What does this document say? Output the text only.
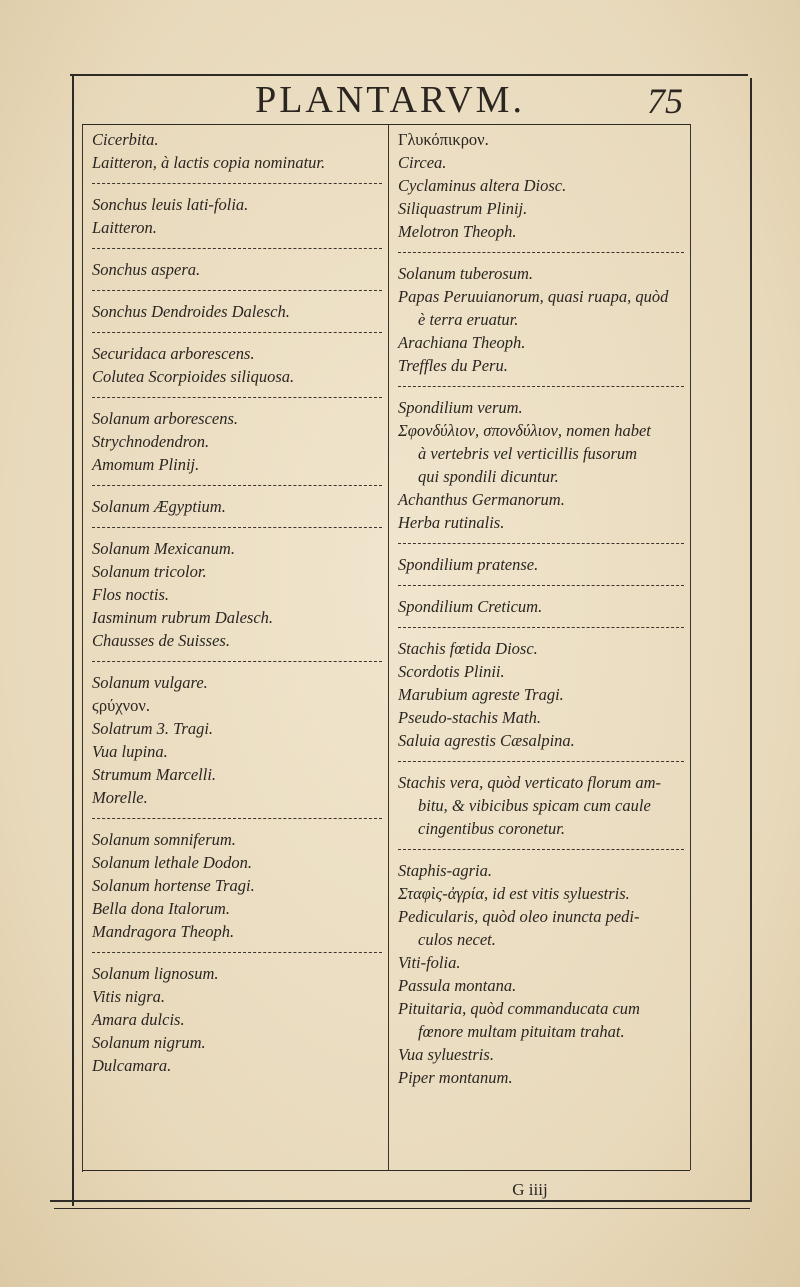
PLANTARVM.	75
G iiij
Cicerbita.
Laitteron, à lactis copia nominatur.
Sonchus leuis lati-folia.
Laitteron.
Sonchus aspera.
Sonchus Dendroides Dalesch.
Securidaca arborescens.
Colutea Scorpioides siliquosa.
Solanum arborescens.
Strychnodendron.
Amomum Plinij.
Solanum Ægyptium.
Solanum Mexicanum.
Solanum tricolor.
Flos noctis.
Iasminum rubrum Dalesch.
Chausses de Suisses.
Solanum vulgare.
ϛρύχνον.
Solatrum 3. Tragi.
Vua lupina.
Strumum Marcelli.
Morelle.
Solanum somniferum.
Solanum lethale Dodon.
Solanum hortense Tragi.
Bella dona Italorum.
Mandragora Theoph.
Solanum lignosum.
Vitis nigra.
Amara dulcis.
Solanum nigrum.
Dulcamara.
Γλυκόπικρον.
Circea.
Cyclaminus altera Diosc.
Siliquastrum Plinij.
Melotron Theoph.
Solanum tuberosum.
Papas Peruuianorum, quasi ruapa, quòd
è terra eruatur.
Arachiana Theoph.
Treffles du Peru.
Spondilium verum.
Σφονδύλιον, σπονδύλιον, nomen habet
à vertebris vel verticillis fusorum
qui spondili dicuntur.
Achanthus Germanorum.
Herba rutinalis.
Spondilium pratense.
Spondilium Creticum.
Stachis fœtida Diosc.
Scordotis Plinii.
Marubium agreste Tragi.
Pseudo-stachis Math.
Saluia agrestis Cæsalpina.
Stachis vera, quòd verticato florum am-
bitu, & vibicibus spicam cum caule
cingentibus coronetur.
Staphis-agria.
Σταφὶς-ἀγρία, id est vitis syluestris.
Pedicularis, quòd oleo inuncta pedi-
culos necet.
Viti-folia.
Passula montana.
Pituitaria, quòd commanducata cum
fœnore multam pituitam trahat.
Vua syluestris.
Piper montanum.
